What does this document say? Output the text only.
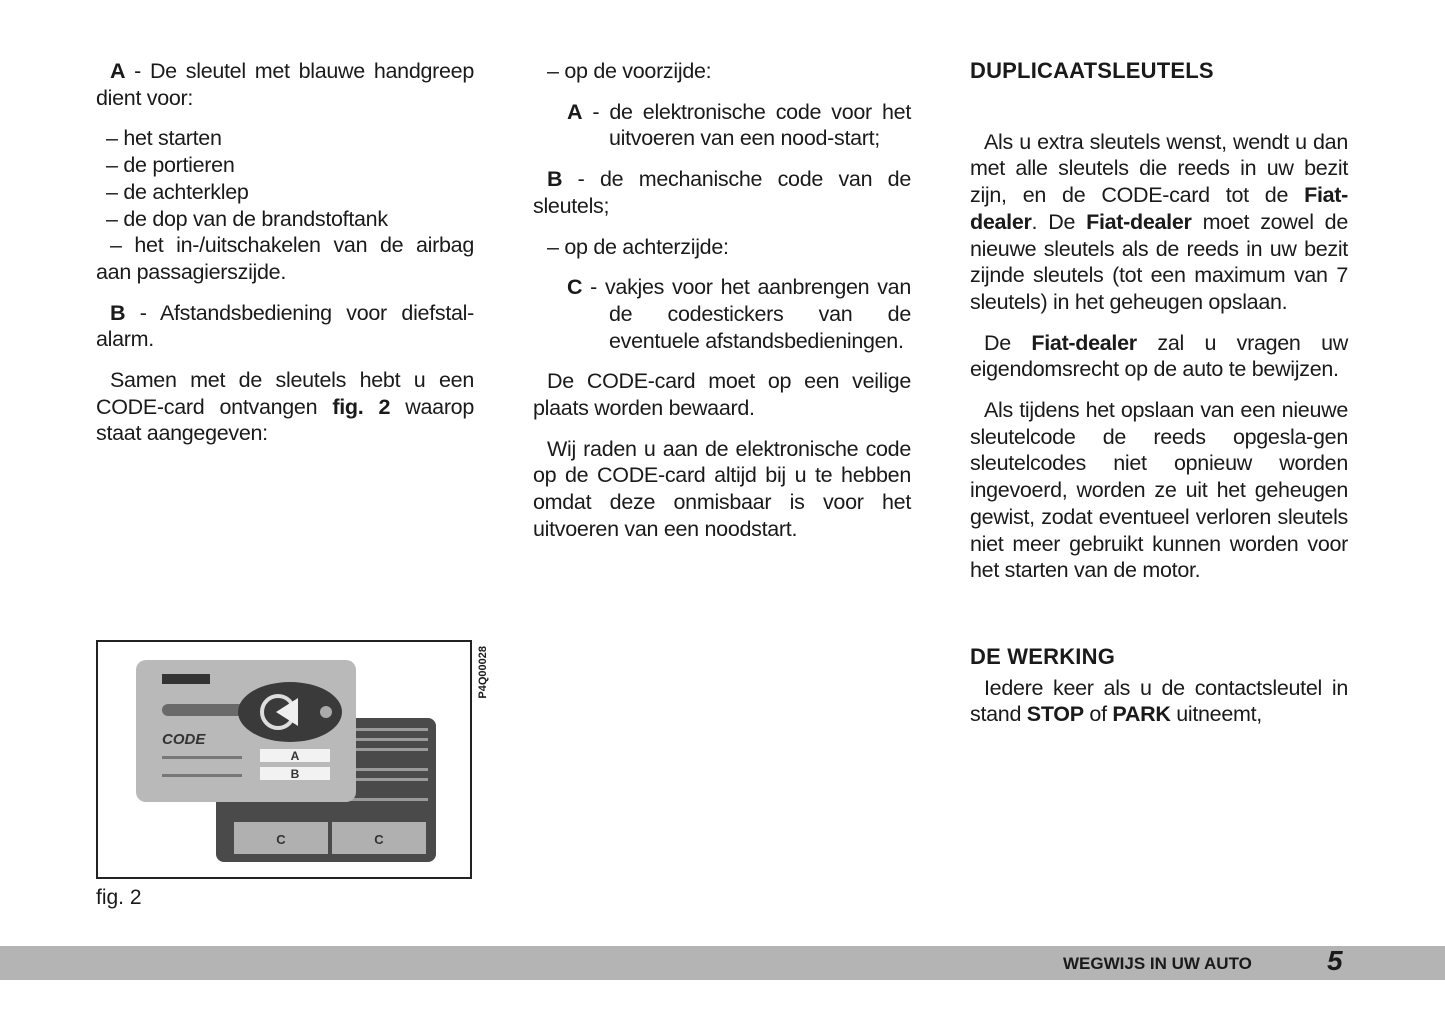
A - De sleutel met blauwe handgreep dient voor:

– het starten

– de portieren

– de achterklep

– de dop van de brandstoftank

– het in-/uitschakelen van de airbag aan passagierszijde.

B - Afstandsbediening voor diefstal-alarm.

Samen met de sleutels hebt u een CODE-card ontvangen fig. 2 waarop staat aangegeven:

– op de voorzijde:

A - de elektronische code voor het uitvoeren van een nood-start;

B - de mechanische code van de sleutels;

– op de achterzijde:

C - vakjes voor het aanbrengen van de codestickers van de eventuele afstandsbedieningen.

De CODE-card moet op een veilige plaats worden bewaard.

Wij raden u aan de elektronische code op de CODE-card altijd bij u te hebben omdat deze onmisbaar is voor het uitvoeren van een noodstart.

DUPLICAATSLEUTELS

Als u extra sleutels wenst, wendt u dan met alle sleutels die reeds in uw bezit zijn, en de CODE-card tot de Fiat-dealer. De Fiat-dealer moet zowel de nieuwe sleutels als de reeds in uw bezit zijnde sleutels (tot een maximum van 7 sleutels) in het geheugen opslaan.

De Fiat-dealer zal u vragen uw eigendomsrecht op de auto te bewijzen.

Als tijdens het opslaan van een nieuwe sleutelcode de reeds opgesla-gen sleutelcodes niet opnieuw worden ingevoerd, worden ze uit het geheugen gewist, zodat eventueel verloren sleutels niet meer gebruikt kunnen worden voor het starten van de motor.

DE WERKING

Iedere keer als u de contactsleutel in stand STOP of PARK uitneemt,

C	C
CODE
A
B
P4Q00028
fig. 2
WEGWIJS IN UW AUTO	5
